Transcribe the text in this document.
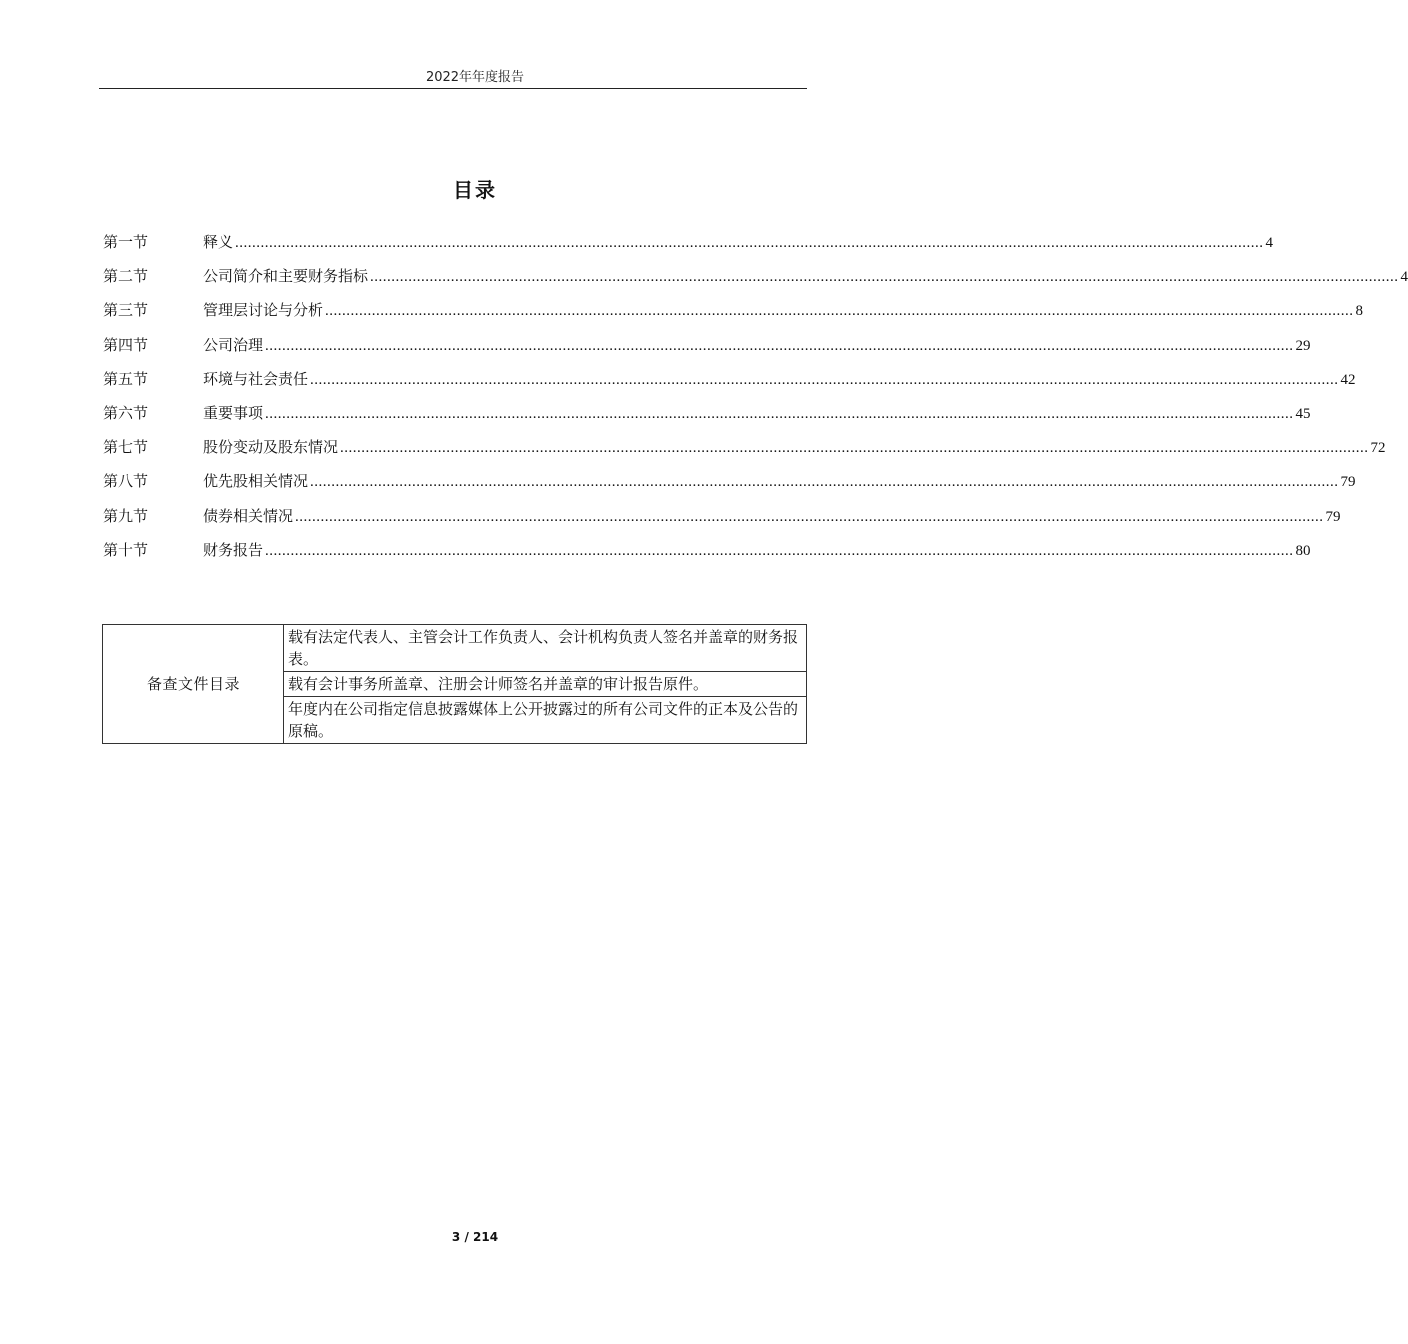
2022年年度报告
目录
第一节	释义 .................................................................................................................................................................................................................................................. 4
第二节	公司简介和主要财务指标 .................................................................................................................................................................................................................................................. 4
第三节	管理层讨论与分析 .................................................................................................................................................................................................................................................. 8
第四节	公司治理 .................................................................................................................................................................................................................................................. 29
第五节	环境与社会责任 .................................................................................................................................................................................................................................................. 42
第六节	重要事项 .................................................................................................................................................................................................................................................. 45
第七节	股份变动及股东情况 .................................................................................................................................................................................................................................................. 72
第八节	优先股相关情况 .................................................................................................................................................................................................................................................. 79
第九节	债券相关情况 .................................................................................................................................................................................................................................................. 79
第十节	财务报告 .................................................................................................................................................................................................................................................. 80
备查文件目录	载有法定代表人、主管会计工作负责人、会计机构负责人签名并盖章的财务报表。
载有会计事务所盖章、注册会计师签名并盖章的审计报告原件。
年度内在公司指定信息披露媒体上公开披露过的所有公司文件的正本及公告的原稿。
3 / 214
